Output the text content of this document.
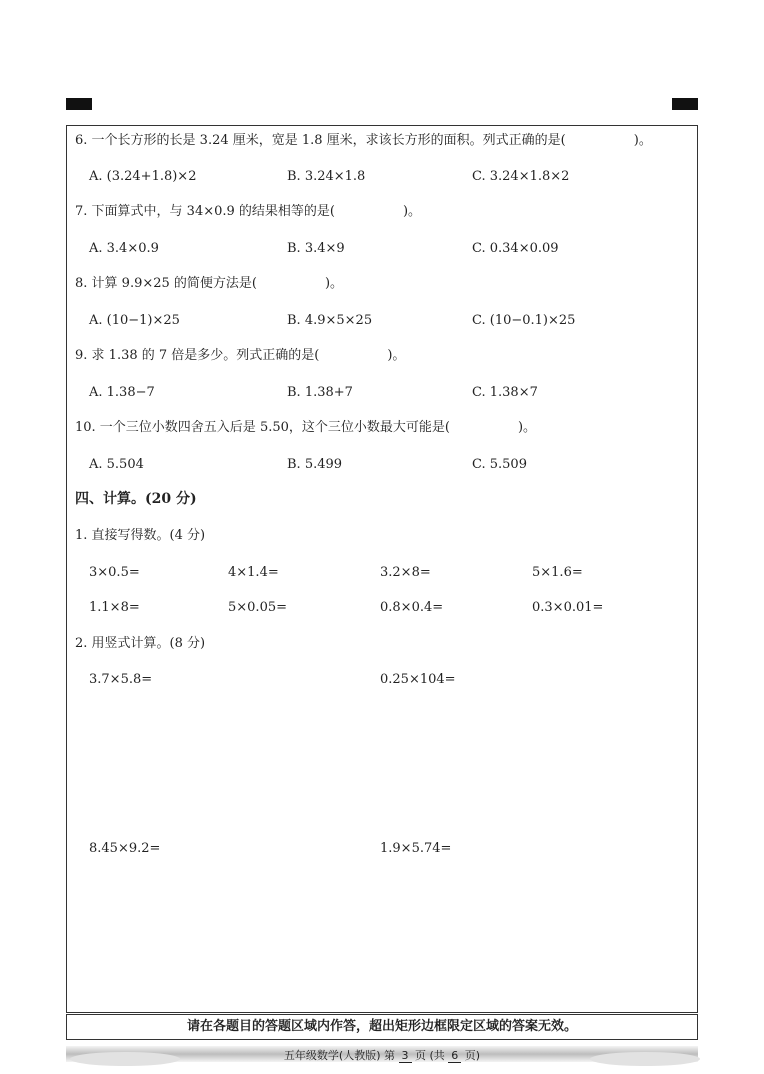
6. 一个长方形的长是 3.24 厘米，宽是 1.8 厘米，求该长方形的面积。列式正确的是(	)。
A. (3.24+1.8)×2	B. 3.24×1.8	C. 3.24×1.8×2
7. 下面算式中，与 34×0.9 的结果相等的是(	)。
A. 3.4×0.9	B. 3.4×9	C. 0.34×0.09
8. 计算 9.9×25 的简便方法是(	)。
A. (10−1)×25	B. 4.9×5×25	C. (10−0.1)×25
9. 求 1.38 的 7 倍是多少。列式正确的是(	)。
A. 1.38−7	B. 1.38+7	C. 1.38×7
10. 一个三位小数四舍五入后是 5.50，这个三位小数最大可能是(	)。
A. 5.504	B. 5.499	C. 5.509
四、计算。(20 分)
1. 直接写得数。(4 分)
3×0.5=	4×1.4=	3.2×8=	5×1.6=
1.1×8=	5×0.05=	0.8×0.4=	0.3×0.01=
2. 用竖式计算。(8 分)
3.7×5.8=	0.25×104=
8.45×9.2=	1.9×5.74=
请在各题目的答题区域内作答，超出矩形边框限定区域的答案无效。
五年级数学(人教版) 第 3 页 (共 6 页)
